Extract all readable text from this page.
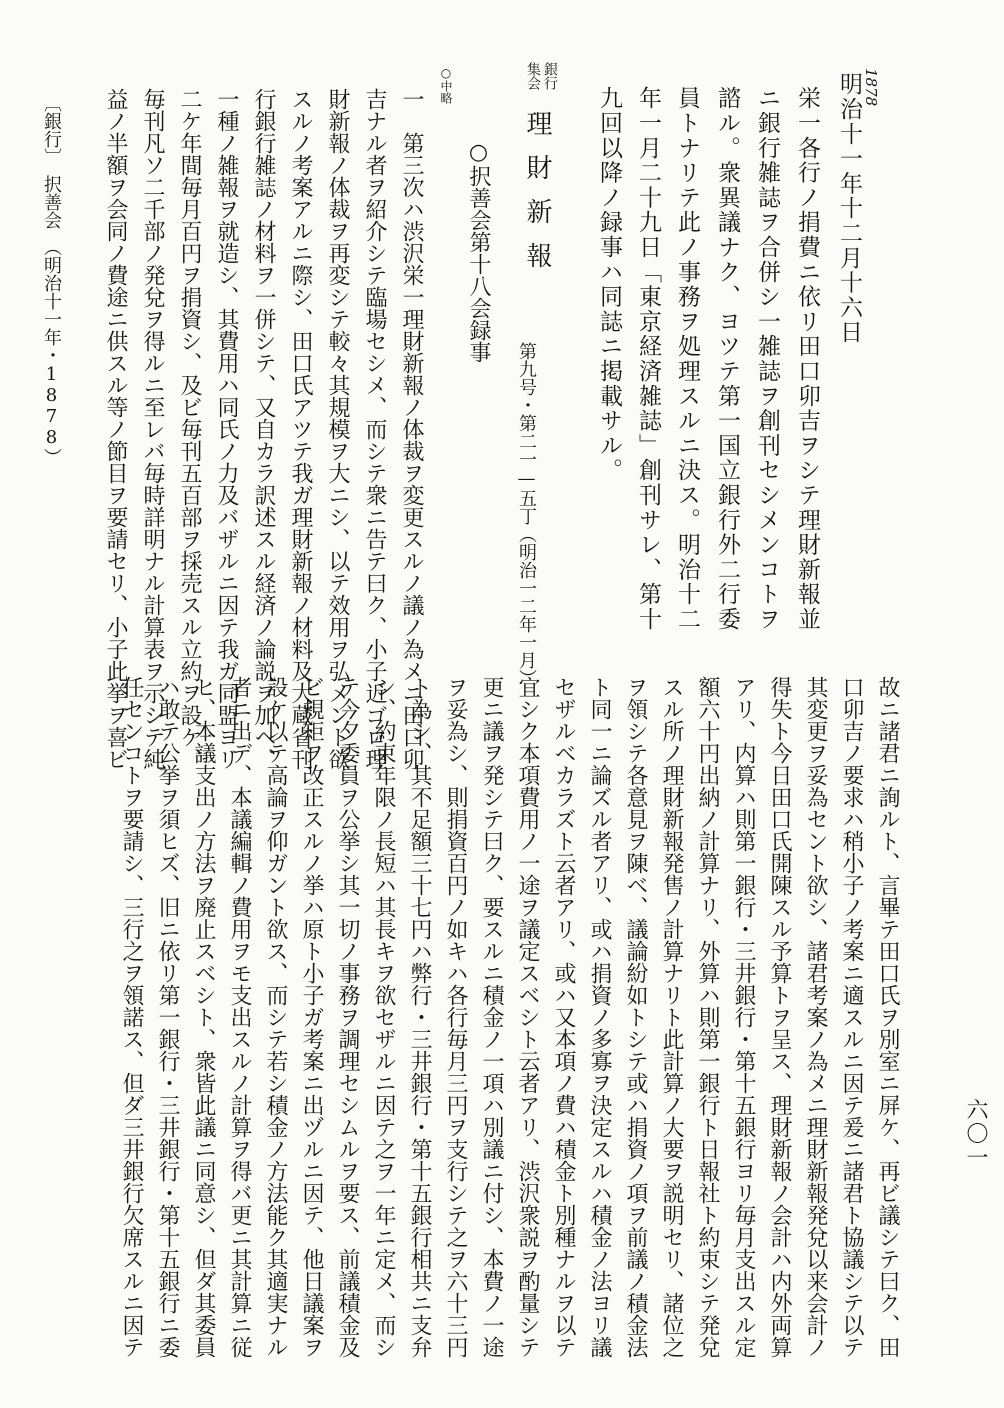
六〇一
1878
明治十一年十二月十六日
栄一各行ノ捐費ニ依リ田口卯吉ヲシテ理財新報並
ニ銀行雑誌ヲ合併シ一雑誌ヲ創刊セシメンコトヲ
諮ル。衆異議ナク、ヨツテ第一国立銀行外二行委
員トナリテ此ノ事務ヲ処理スルニ決ス。明治十二
年一月二十九日「東京経済雑誌」創刊サレ、第十
九回以降ノ録事ハ同誌ニ掲載サル。
銀行
集会
理財新報
第九号・第二一—五丁（明治一二年一月）
○択善会第十八会録事
○中略
一　第三次ハ渋沢栄一理財新報ノ体裁ヲ変更スルノ議ノ為メニ田口卯
吉ナル者ヲ紹介シテ臨場セシメ、而シテ衆ニ告テ曰ク、小子近ゴロ理
財新報ノ体裁ヲ再変シテ較々其規模ヲ大ニシ、以テ效用ヲ弘メント欲
スルノ考案アルニ際シ、田口氏アツテ我ガ理財新報ノ材料及大蔵省刊
行銀行雑誌ノ材料ヲ一併シテ、又自カラ訳述スル経済ノ論説ヲ加ヘ、
一種ノ雑報ヲ就造シ、其費用ハ同氏ノ力及バザルニ因テ我ガ同盟ヨリ
二ケ年間毎月百円ヲ捐資シ、及ビ毎刊五百部ヲ採売スル立約ヲ設ケ、
毎刊凡ソ二千部ノ発兌ヲ得ルニ至レバ毎時詳明ナル計算表ヲ示シテ純
益ノ半額ヲ会同ノ費途ニ供スル等ノ節目ヲ要請セリ、小子此挙ヲ喜ビ
〔銀行〕　択善会　（明治十一年・1878）
故ニ諸君ニ詢ルト、言畢テ田口氏ヲ別室ニ屏ケ、再ビ議シテ曰ク、田
口卯吉ノ要求ハ稍小子ノ考案ニ適スルニ因テ爰ニ諸君ト協議シテ以テ
其変更ヲ妥為セント欲シ、諸君考案ノ為メニ理財新報発兌以来会計ノ
得失ト今日田口氏開陳スル予算トヲ呈ス、理財新報ノ会計ハ内外両算
アリ、内算ハ則第一銀行・三井銀行・第十五銀行ヨリ毎月支出スル定
額六十円出納ノ計算ナリ、外算ハ則第一銀行ト日報社ト約束シテ発兌
スル所ノ理財新報発售ノ計算ナリト此計算ノ大要ヲ説明セリ、諸位之
ヲ領シテ各意見ヲ陳ベ、議論紛如トシテ或ハ捐資ノ項ヲ前議ノ積金法
ト同一ニ論ズル者アリ、或ハ捐資ノ多寡ヲ決定スルハ積金ノ法ヨリ議
セザルベカラズト云者アリ、或ハ又本項ノ費ハ積金ト別種ナルヲ以テ
宜シク本項費用ノ一途ヲ議定スベシト云者アリ、渋沢衆説ヲ酌量シテ
更ニ議ヲ発シテ曰ク、要スルニ積金ノ一項ハ別議ニ付シ、本費ノ一途
ヲ妥為シ、則捐資百円ノ如キハ各行毎月三円ヲ支行シテ之ヲ六十三円
ト為シ、其不足額三十七円ハ弊行・三井銀行・第十五銀行相共ニ支弁
シ、約束年限ノ長短ハ其長キヲ欲セザルニ因テ之ヲ一年ニ定メ、而シ
テ今夕委員ヲ公挙シ其一切ノ事務ヲ調理セシムルヲ要ス、前議積金及
ビ規矩ヲ改正スルノ挙ハ原ト小子ガ考案ニ出ヅルニ因テ、他日議案ヲ
設ケ以テ高論ヲ仰ガント欲ス、而シテ若シ積金ノ方法能ク其適実ナル
者ニ出デ、本議編輯ノ費用ヲモ支出スルノ計算ヲ得バ更ニ其計算ニ従
ヒ、本議支出ノ方法ヲ廃止スベシト、衆皆此議ニ同意シ、但ダ其委員
ハ敢テ公挙ヲ須ヒズ、旧ニ依リ第一銀行・三井銀行・第十五銀行ニ委
任センコトヲ要請シ、三行之ヲ領諾ス、但ダ三井銀行欠席スルニ因テ
